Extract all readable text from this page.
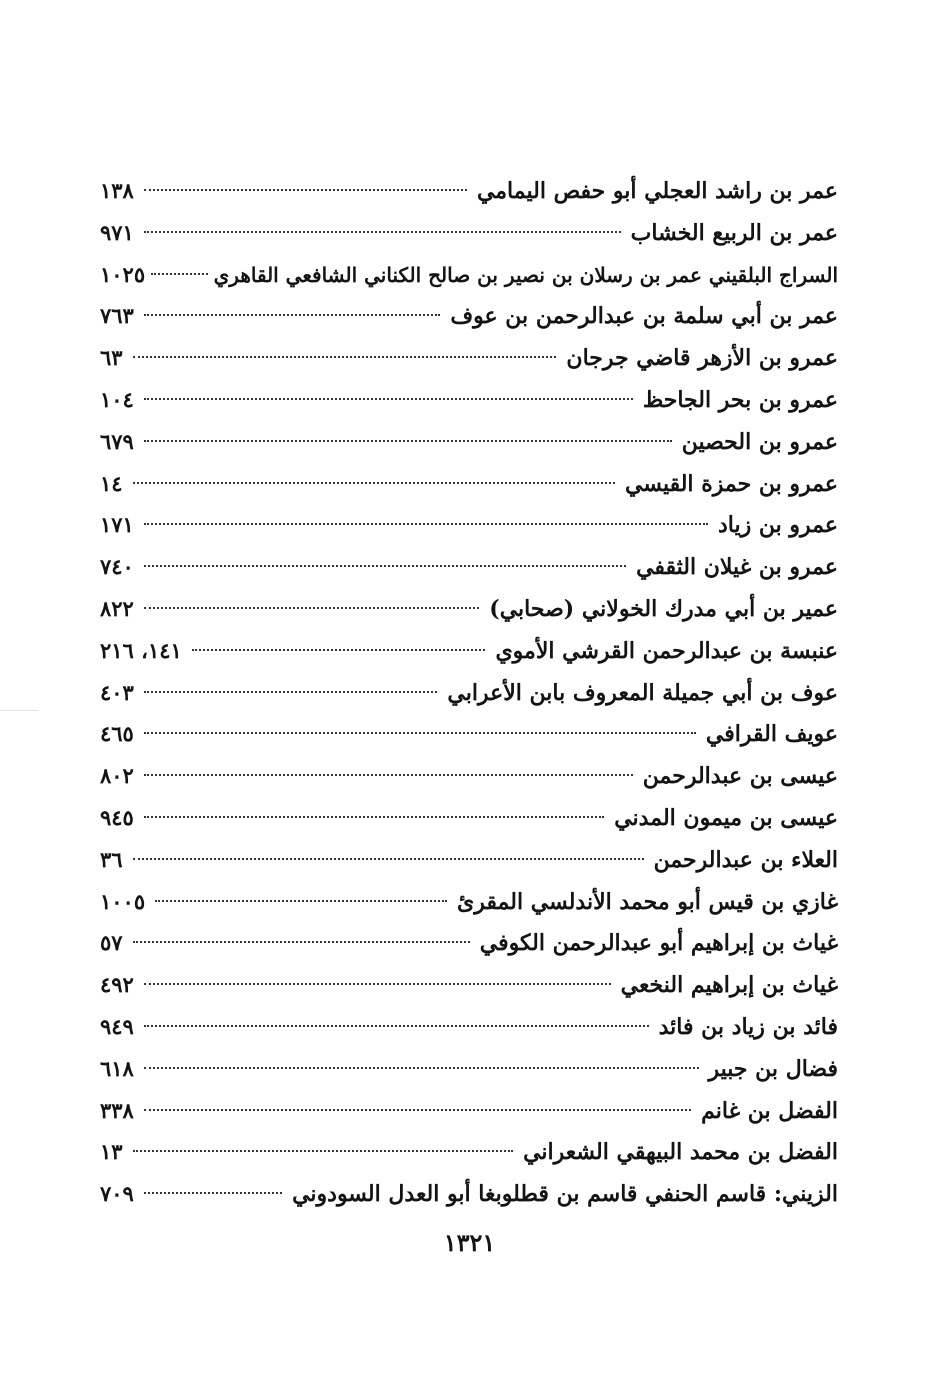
عمر بن راشد العجلي أبو حفص اليمامي
١٣٨
عمر بن الربيع الخشاب
٩٧١
السراج البلقيني عمر بن رسلان بن نصير بن صالح الكناني الشافعي القاهري
١٠٢٥
عمر بن أبي سلمة بن عبدالرحمن بن عوف
٧٦٣
عمرو بن الأزهر قاضي جرجان
٦٣
عمرو بن بحر الجاحظ
١٠٤
عمرو بن الحصين
٦٧٩
عمرو بن حمزة القيسي
١٤
عمرو بن زياد
١٧١
عمرو بن غيلان الثقفي
٧٤٠
عمير بن أبي مدرك الخولاني (صحابي)
٨٢٢
عنبسة بن عبدالرحمن القرشي الأموي
١٤١، ٢١٦
عوف بن أبي جميلة المعروف بابن الأعرابي
٤٠٣
عويف القرافي
٤٦٥
عيسى بن عبدالرحمن
٨٠٢
عيسى بن ميمون المدني
٩٤٥
العلاء بن عبدالرحمن
٣٦
غازي بن قيس أبو محمد الأندلسي المقرئ
١٠٠٥
غياث بن إبراهيم أبو عبدالرحمن الكوفي
٥٧
غياث بن إبراهيم النخعي
٤٩٢
فائد بن زياد بن فائد
٩٤٩
فضال بن جبير
٦١٨
الفضل بن غانم
٣٣٨
الفضل بن محمد البيهقي الشعراني
١٣
الزيني: قاسم الحنفي قاسم بن قطلوبغا أبو العدل السودوني
٧٠٩
١٣٢١
